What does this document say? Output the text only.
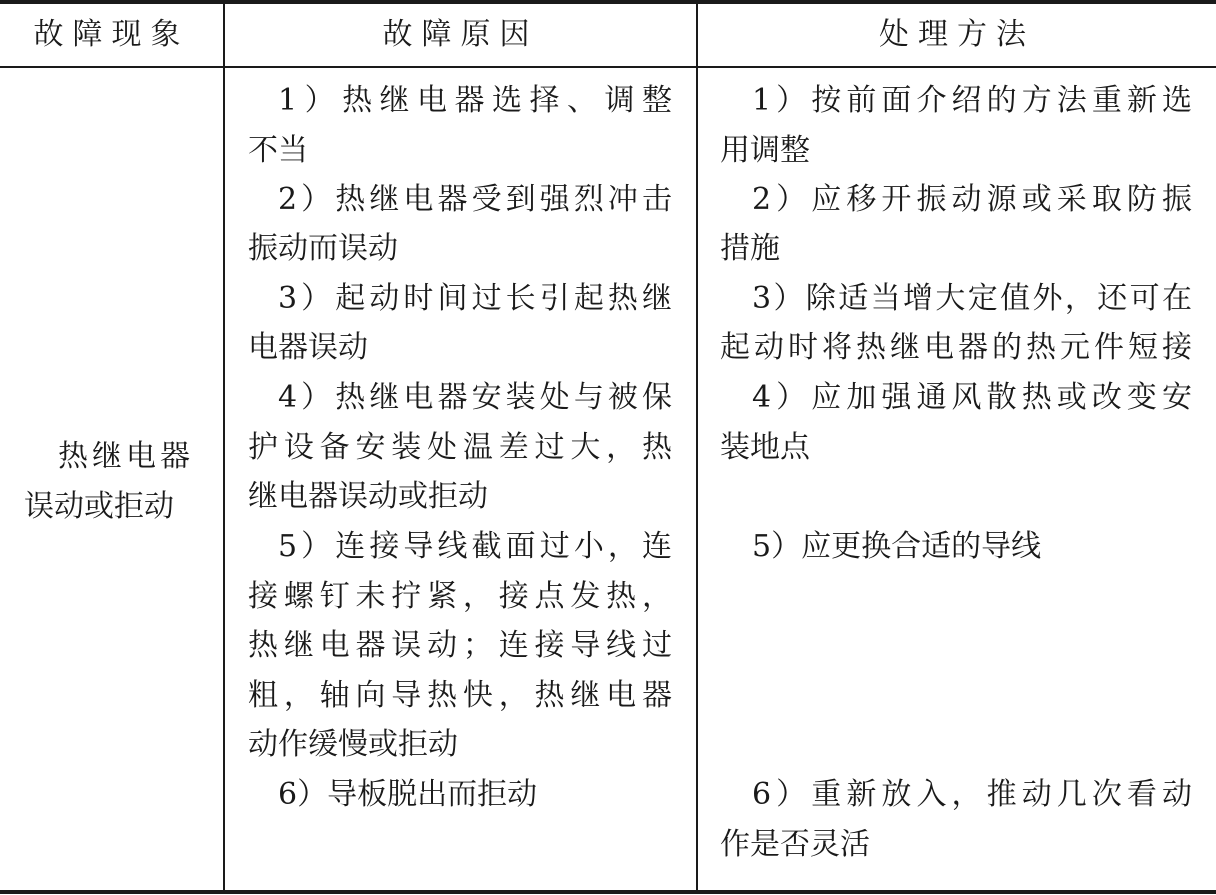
故障现象	故障原因	处理方法
热继电器
误动或拒动
1）热继电器选择、调整
不当
2）热继电器受到强烈冲击
振动而误动
3）起动时间过长引起热继
电器误动
4）热继电器安装处与被保
护设备安装处温差过大，热
继电器误动或拒动
5）连接导线截面过小，连
接螺钉未拧紧，接点发热，
热继电器误动；连接导线过
粗，轴向导热快，热继电器
动作缓慢或拒动
6）导板脱出而拒动
1）按前面介绍的方法重新选
用调整
2）应移开振动源或采取防振
措施
3）除适当增大定值外，还可在
起动时将热继电器的热元件短接
4）应加强通风散热或改变安
装地点
5）应更换合适的导线
6）重新放入，推动几次看动
作是否灵活
